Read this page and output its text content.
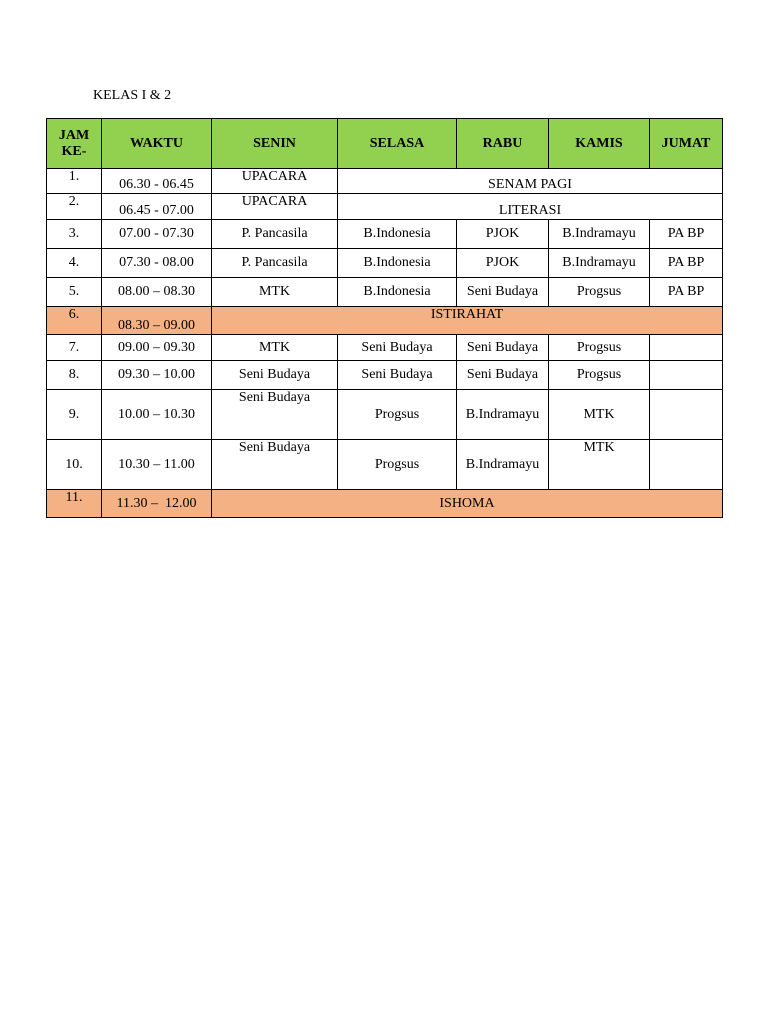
KELAS I & 2
JAM KE-	WAKTU	SENIN	SELASA	RABU	KAMIS	JUMAT
1.	06.30 - 06.45	UPACARA	SENAM PAGI			
2.	06.45 - 07.00	UPACARA	LITERASI			
3.	07.00 - 07.30	P. Pancasila	B.Indonesia	PJOK	B.Indramayu	PA BP
4.	07.30 - 08.00	P. Pancasila	B.Indonesia	PJOK	B.Indramayu	PA BP
5.	08.00 – 08.30	MTK	B.Indonesia	Seni Budaya	Progsus	PA BP
6.	08.30 – 09.00	ISTIRAHAT				
7.	09.00 – 09.30	MTK	Seni Budaya	Seni Budaya	Progsus	
8.	09.30 – 10.00	Seni Budaya	Seni Budaya	Seni Budaya	Progsus	
9.	10.00 – 10.30	Seni Budaya	Progsus	B.Indramayu	MTK	
10.	10.30 – 11.00	Seni Budaya	Progsus	B.Indramayu	MTK	
11.	11.30 –  12.00	ISHOMA				
